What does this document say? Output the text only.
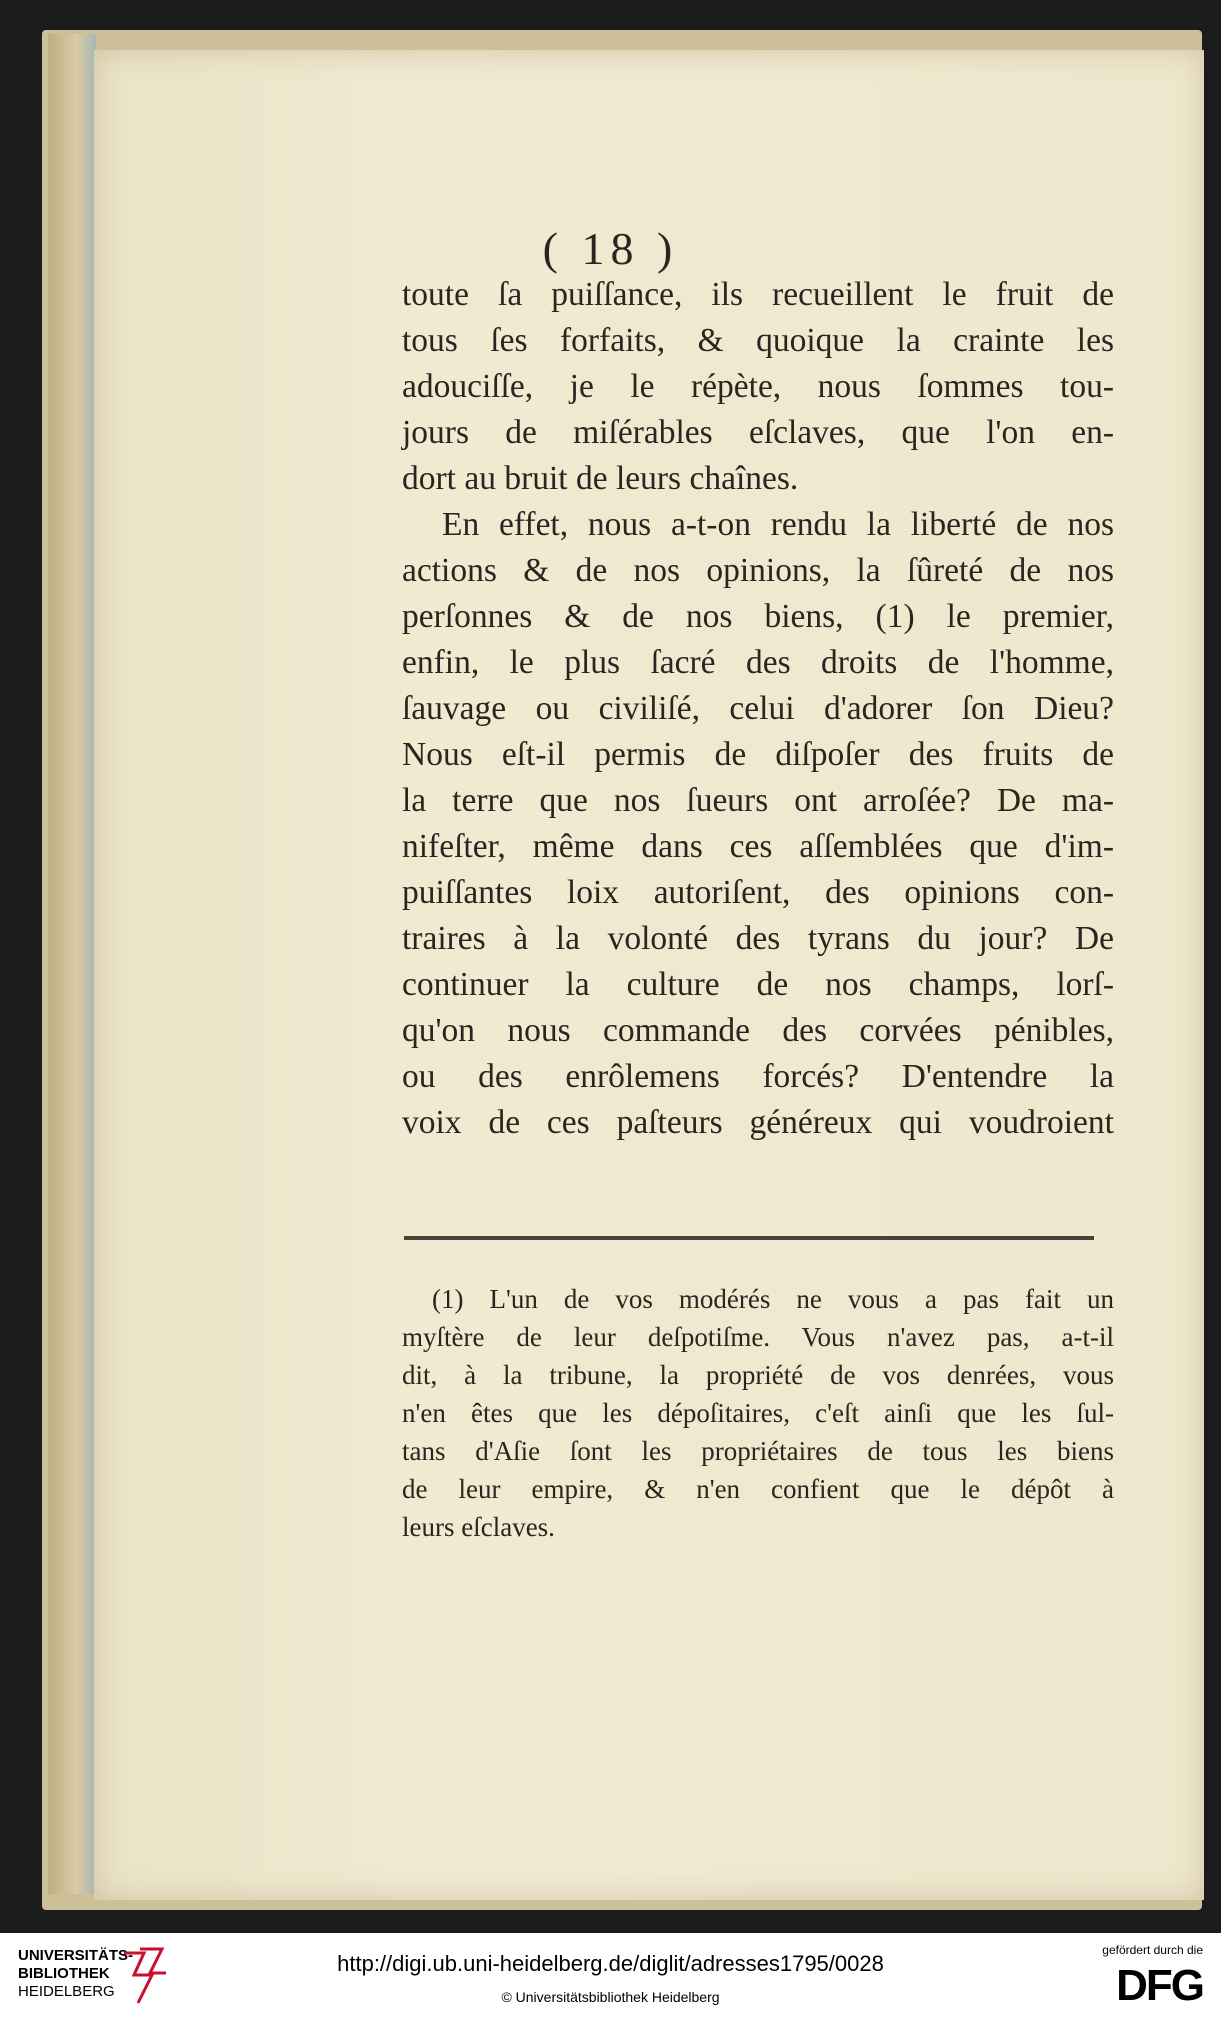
( 18 )
toute ſa puiſſance, ils recueillent le fruit de
tous ſes forfaits, & quoique la crainte les
adouciſſe, je le répète, nous ſommes tou-
jours de miſérables eſclaves, que l'on en-
dort au bruit de leurs chaînes.
En effet, nous a-t-on rendu la liberté de nos
actions & de nos opinions, la ſûreté de nos
perſonnes & de nos biens, (1) le premier,
enfin, le plus ſacré des droits de l'homme,
ſauvage ou civiliſé, celui d'adorer ſon Dieu?
Nous eſt-il permis de diſpoſer des fruits de
la terre que nos ſueurs ont arroſée? De ma-
nifeſter, même dans ces aſſemblées que d'im-
puiſſantes loix autoriſent, des opinions con-
traires à la volonté des tyrans du jour? De
continuer la culture de nos champs, lorſ-
qu'on nous commande des corvées pénibles,
ou des enrôlemens forcés? D'entendre la
voix de ces paſteurs généreux qui voudroient
(1) L'un de vos modérés ne vous a pas fait un
myſtère de leur deſpotiſme. Vous n'avez pas, a-t-il
dit, à la tribune, la propriété de vos denrées, vous
n'en êtes que les dépoſitaires, c'eſt ainſi que les ſul-
tans d'Aſie ſont les propriétaires de tous les biens
de leur empire, & n'en confient que le dépôt à
leurs eſclaves.
UNIVERSITÄTS-
BIBLIOTHEK
HEIDELBERG
http://digi.ub.uni-heidelberg.de/diglit/adresses1795/0028
© Universitätsbibliothek Heidelberg
gefördert durch die
DFG
